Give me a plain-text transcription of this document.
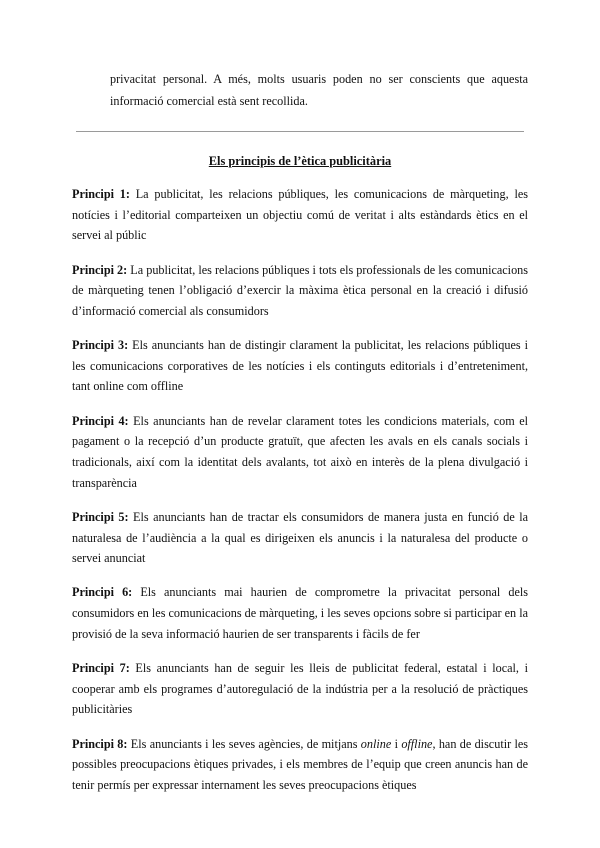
privacitat personal. A més, molts usuaris poden no ser conscients que aquesta informació comercial està sent recollida.

Els principis de l’ètica publicitària

Principi 1: La publicitat, les relacions públiques, les comunicacions de màrqueting, les notícies i l’editorial comparteixen un objectiu comú de veritat i alts estàndards ètics en el servei al públic

Principi 2: La publicitat, les relacions públiques i tots els professionals de les comunicacions de màrqueting tenen l’obligació d’exercir la màxima ètica personal en la creació i difusió d’informació comercial als consumidors

Principi 3: Els anunciants han de distingir clarament la publicitat, les relacions públiques i les comunicacions corporatives de les notícies i els continguts editorials i d’entreteniment, tant online com offline

Principi 4: Els anunciants han de revelar clarament totes les condicions materials, com el pagament o la recepció d’un producte gratuït, que afecten les avals en els canals socials i tradicionals, així com la identitat dels avalants, tot això en interès de la plena divulgació i transparència

Principi 5: Els anunciants han de tractar els consumidors de manera justa en funció de la naturalesa de l’audiència a la qual es dirigeixen els anuncis i la naturalesa del producte o servei anunciat

Principi 6: Els anunciants mai haurien de comprometre la privacitat personal dels consumidors en les comunicacions de màrqueting, i les seves opcions sobre si participar en la provisió de la seva informació haurien de ser transparents i fàcils de fer

Principi 7: Els anunciants han de seguir les lleis de publicitat federal, estatal i local, i cooperar amb els programes d’autoregulació de la indústria per a la resolució de pràctiques publicitàries

Principi 8: Els anunciants i les seves agències, de mitjans online i offline, han de discutir les possibles preocupacions ètiques privades, i els membres de l’equip que creen anuncis han de tenir permís per expressar internament les seves preocupacions ètiques
